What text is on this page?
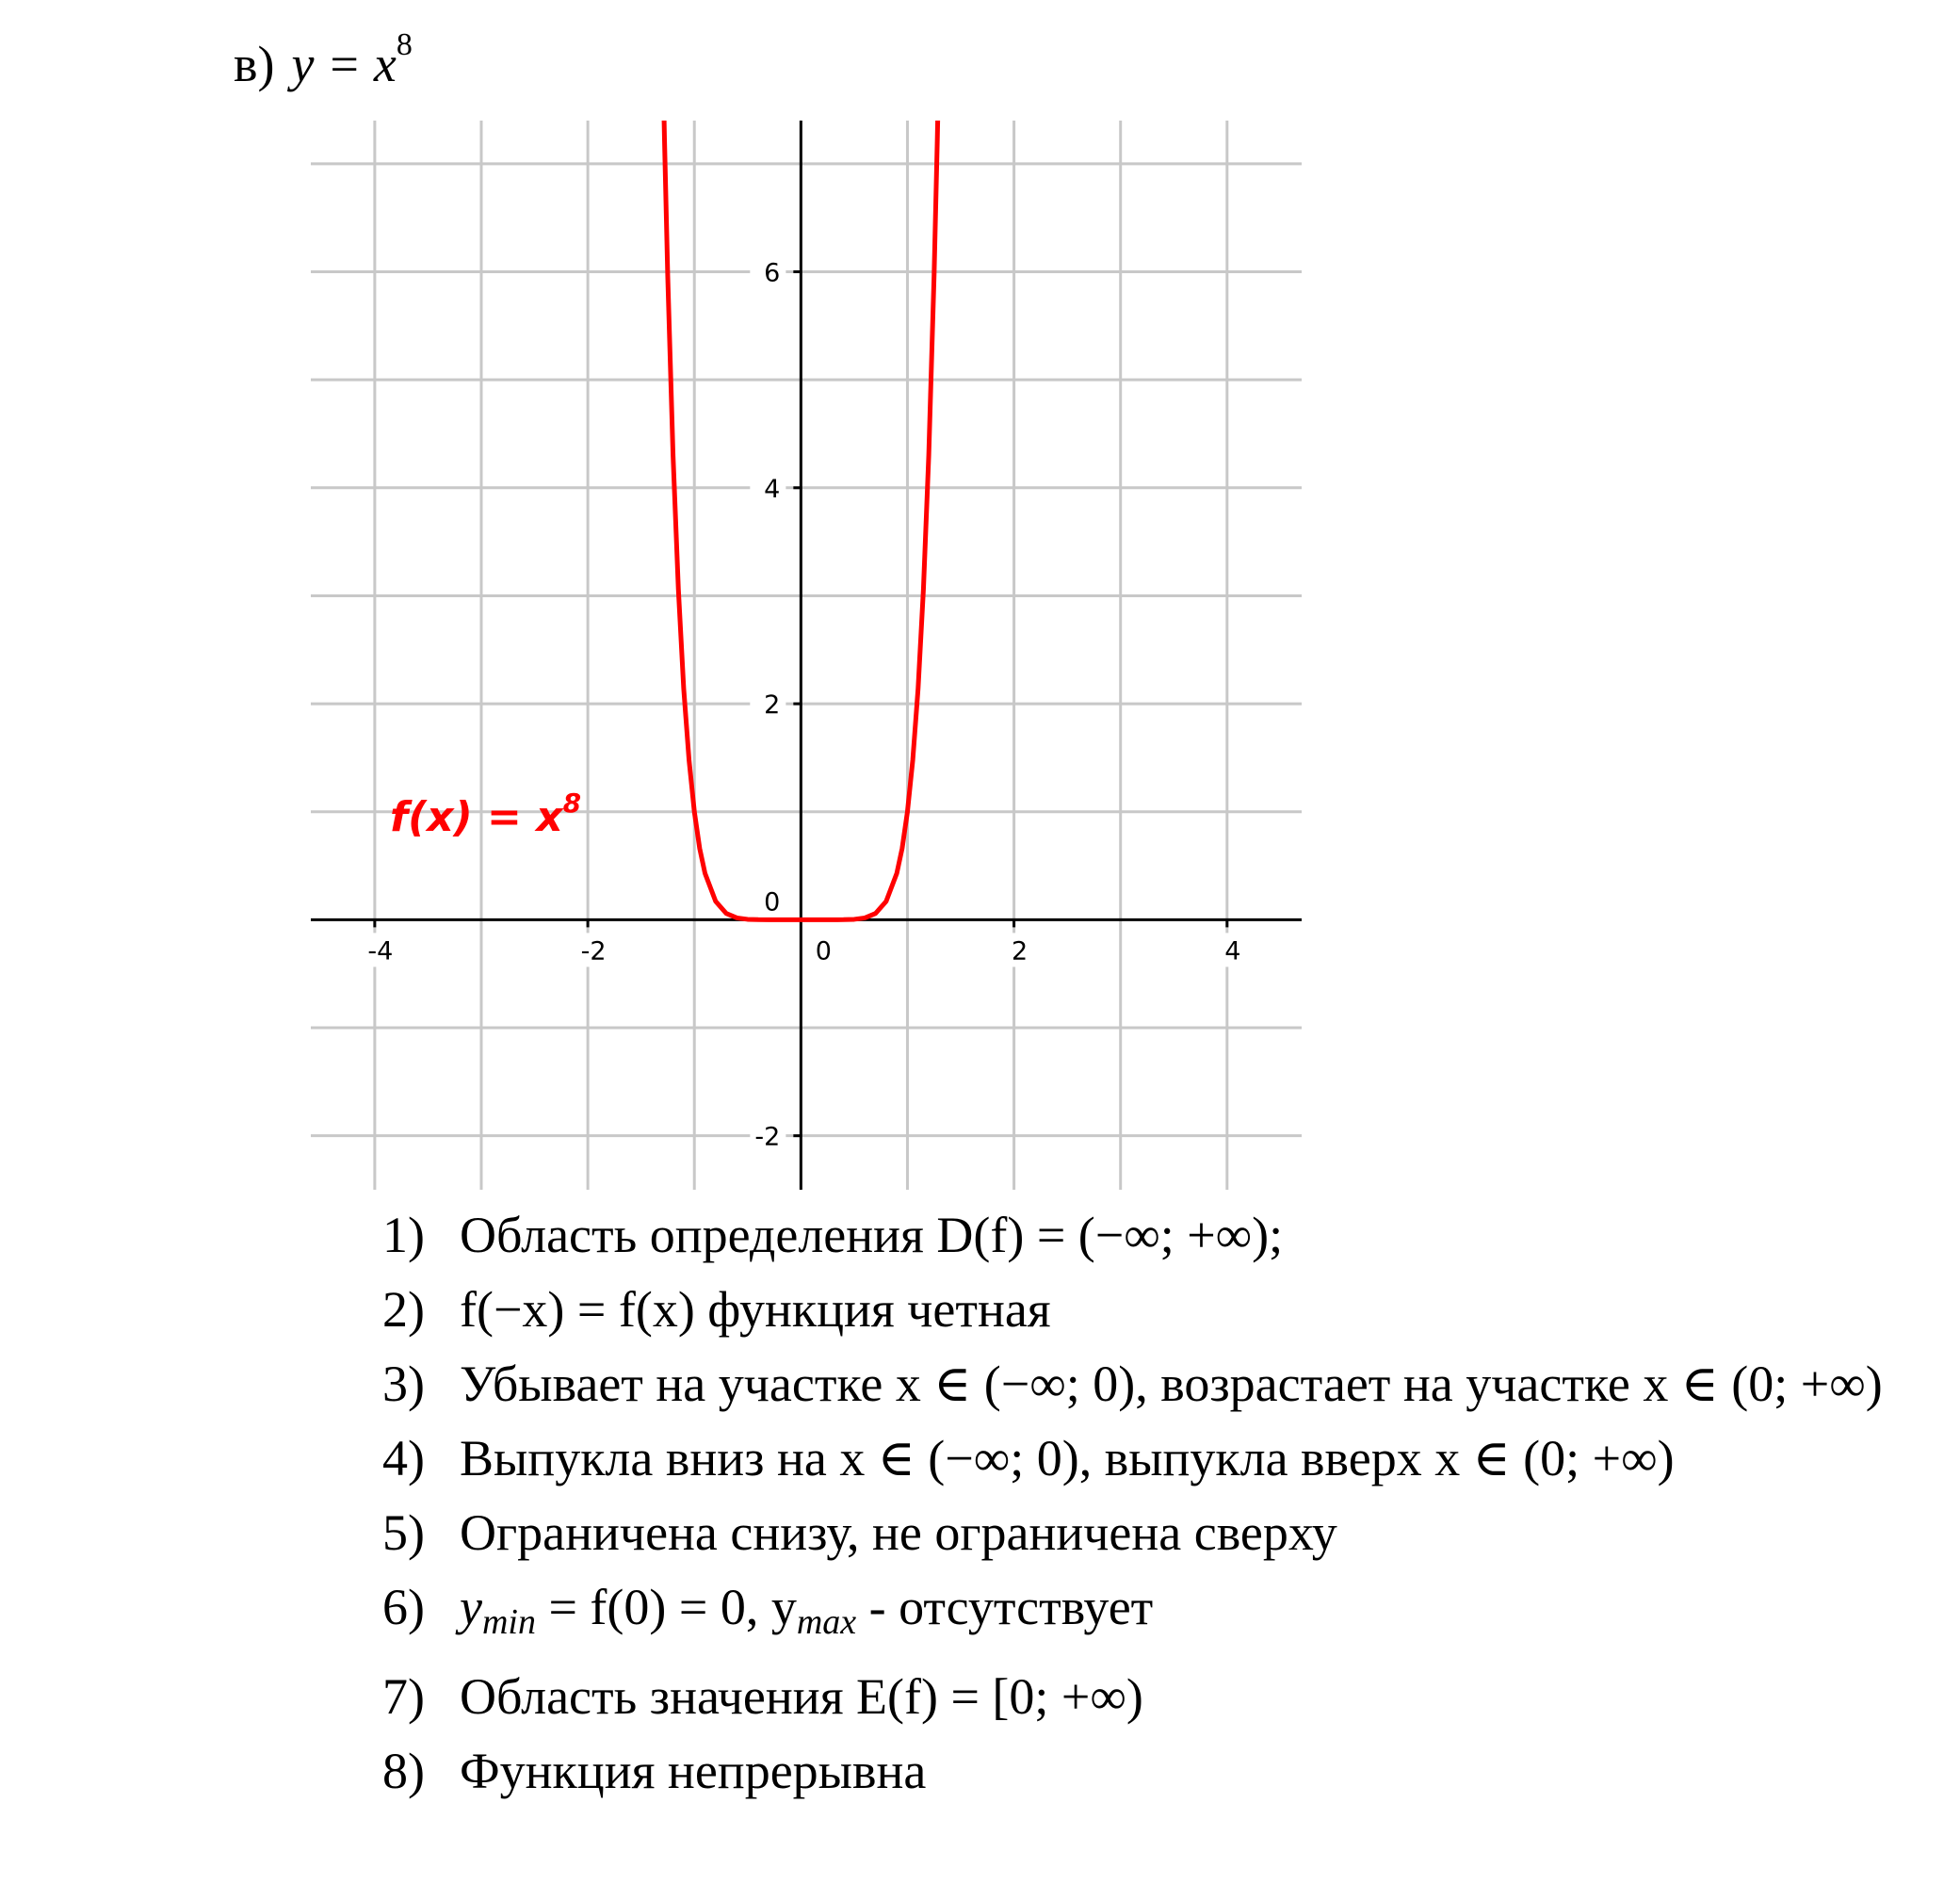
в) $y = x^8$
-4	-2	0	2	4
-2
0
2
4
6
$f(x) = x^8$
1) Область определения D(f) = (−∞; +∞);
2) f(−x) = f(x) функция четная
3) Убывает на участке x ∈ (−∞; 0), возрастает на участке x ∈ (0; +∞)
4) Выпукла вниз на x ∈ (−∞; 0), выпукла вверх x ∈ (0; +∞)
5) Ограничена снизу, не ограничена сверху
6) $y_{min} = f(0) = 0$, $y_{max}$ - отсутствует
7) Область значения E(f) = [0; +∞)
8) Функция непрерывна
